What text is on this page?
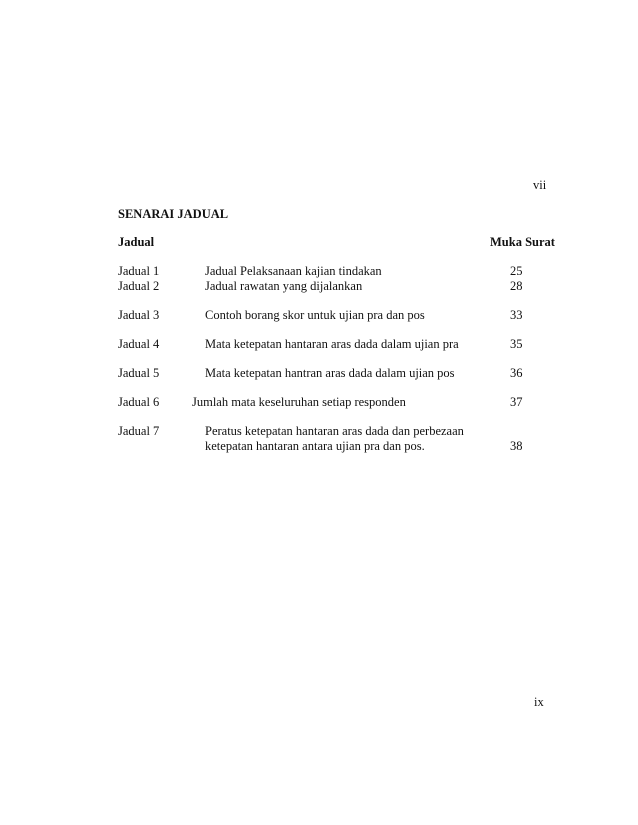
vii
SENARAI JADUAL
Jadual	Muka Surat
Jadual 1	Jadual Pelaksanaan kajian tindakan	25
Jadual 2	Jadual rawatan yang dijalankan	28
Jadual 3	Contoh borang skor untuk ujian pra dan pos	33
Jadual 4	Mata ketepatan hantaran aras dada dalam ujian pra	35
Jadual 5	Mata ketepatan hantran aras dada dalam ujian pos	36
Jadual 6	Jumlah mata keseluruhan setiap responden	37
Jadual 7	Peratus ketepatan hantaran aras dada dan perbezaan
ketepatan hantaran antara ujian pra dan pos.	38
ix
